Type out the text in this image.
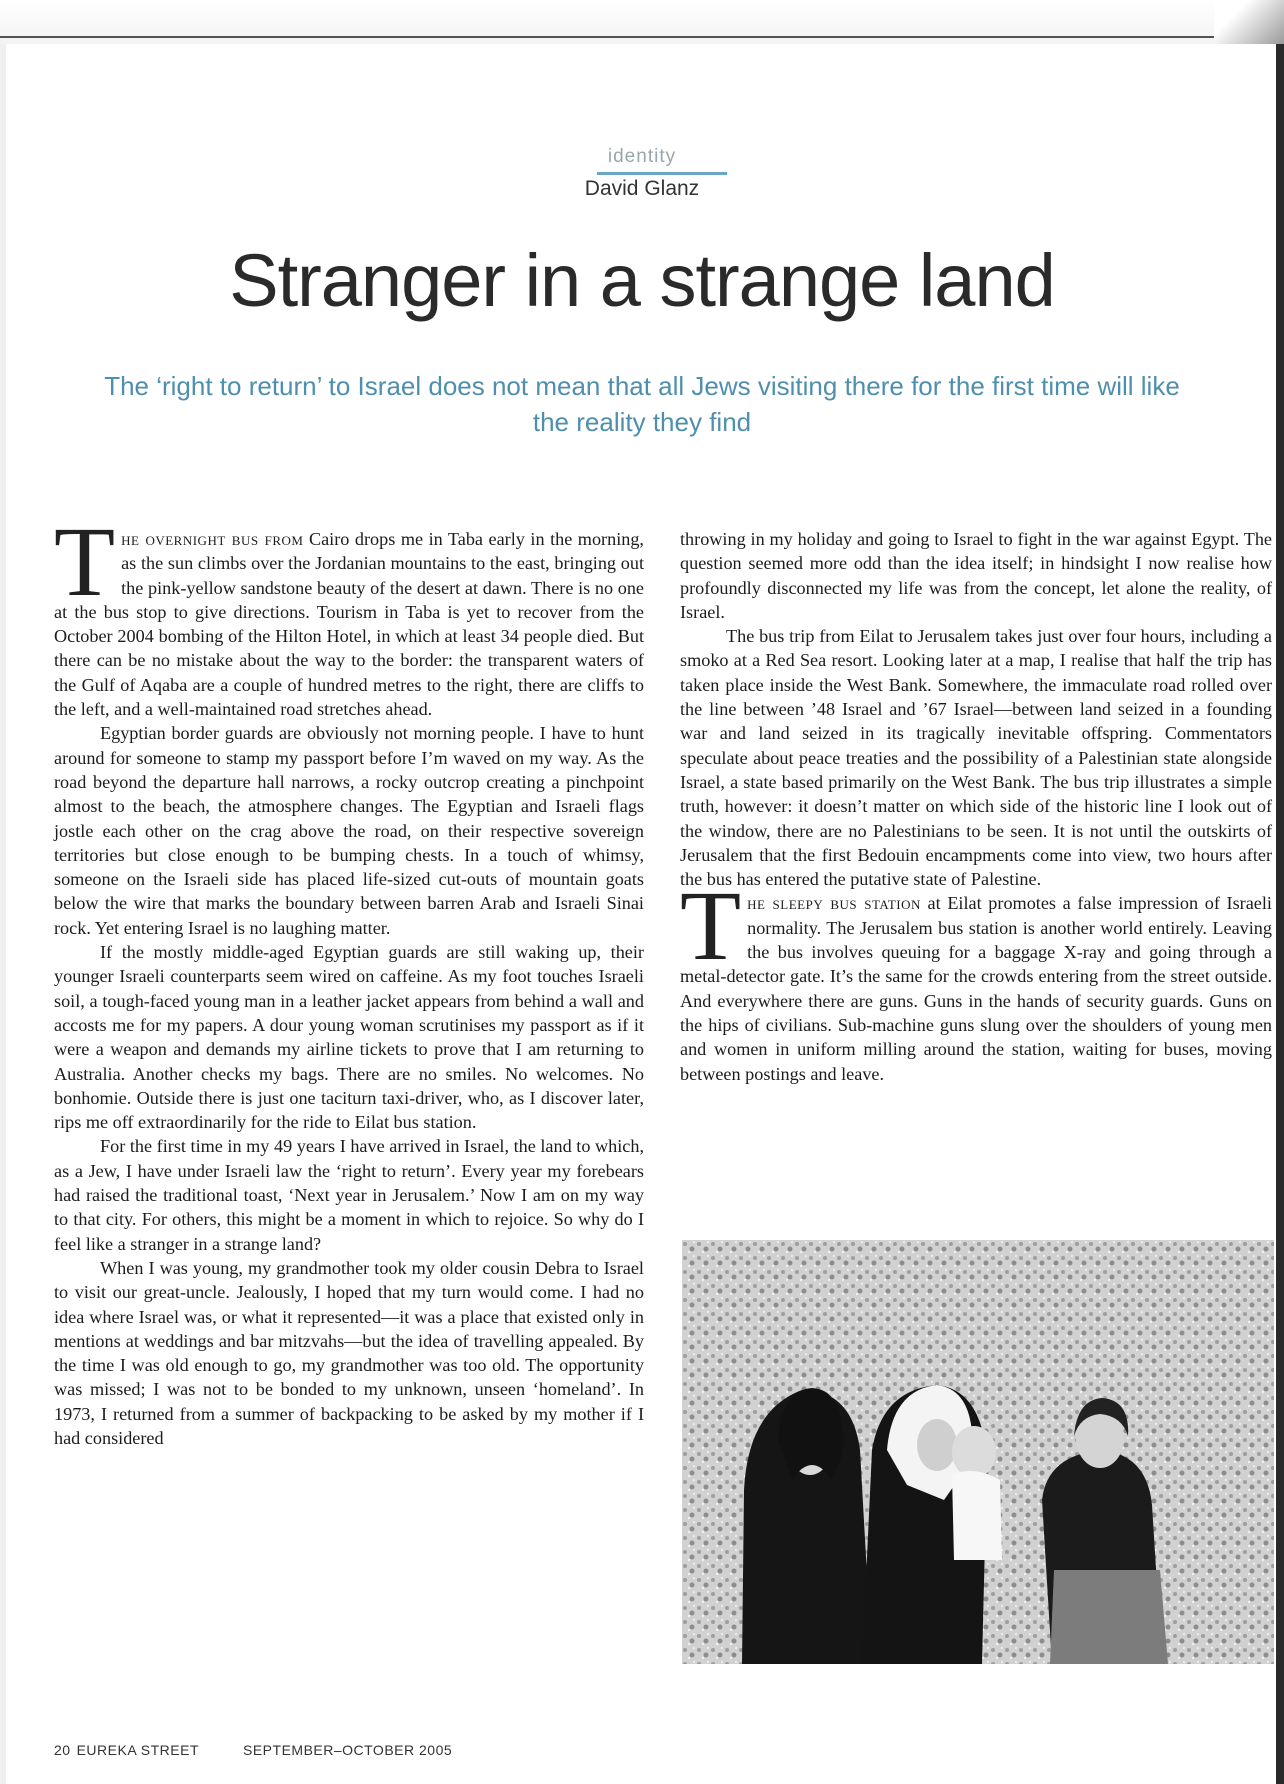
identity
David Glanz
Stranger in a strange land
The ‘right to return’ to Israel does not mean that all Jews visiting there for the first time will like the reality they find

The overnight bus from Cairo drops me in Taba early in the morning, as the sun climbs over the Jordanian mountains to the east, bringing out the pink-yellow sandstone beauty of the desert at dawn. There is no one at the bus stop to give directions. Tourism in Taba is yet to recover from the October 2004 bombing of the Hilton Hotel, in which at least 34 people died. But there can be no mistake about the way to the border: the transparent waters of the Gulf of Aqaba are a couple of hundred metres to the right, there are cliffs to the left, and a well-maintained road stretches ahead.

Egyptian border guards are obviously not morning people. I have to hunt around for someone to stamp my passport before I’m waved on my way. As the road beyond the departure hall narrows, a rocky outcrop creating a pinchpoint almost to the beach, the atmosphere changes. The Egyptian and Israeli flags jostle each other on the crag above the road, on their respective sovereign territories but close enough to be bumping chests. In a touch of whimsy, someone on the Israeli side has placed life-sized cut-outs of mountain goats below the wire that marks the boundary between barren Arab and Israeli Sinai rock. Yet entering Israel is no laughing matter.

If the mostly middle-aged Egyptian guards are still waking up, their younger Israeli counterparts seem wired on caffeine. As my foot touches Israeli soil, a tough-faced young man in a leather jacket appears from behind a wall and accosts me for my papers. A dour young woman scrutinises my passport as if it were a weapon and demands my airline tickets to prove that I am returning to Australia. Another checks my bags. There are no smiles. No welcomes. No bonhomie. Outside there is just one taciturn taxi-driver, who, as I discover later, rips me off extraordinarily for the ride to Eilat bus station.

For the first time in my 49 years I have arrived in Israel, the land to which, as a Jew, I have under Israeli law the ‘right to return’. Every year my forebears had raised the traditional toast, ‘Next year in Jerusalem.’ Now I am on my way to that city. For others, this might be a moment in which to rejoice. So why do I feel like a stranger in a strange land?

When I was young, my grandmother took my older cousin Debra to Israel to visit our great-uncle. Jealously, I hoped that my turn would come. I had no idea where Israel was, or what it represented—it was a place that existed only in mentions at weddings and bar mitzvahs—but the idea of travelling appealed. By the time I was old enough to go, my grandmother was too old. The opportunity was missed; I was not to be bonded to my unknown, unseen ‘homeland’. In 1973, I returned from a summer of backpacking to be asked by my mother if I had considered

throwing in my holiday and going to Israel to fight in the war against Egypt. The question seemed more odd than the idea itself; in hindsight I now realise how profoundly disconnected my life was from the concept, let alone the reality, of Israel.

The bus trip from Eilat to Jerusalem takes just over four hours, including a smoko at a Red Sea resort. Looking later at a map, I realise that half the trip has taken place inside the West Bank. Somewhere, the immaculate road rolled over the line between ’48 Israel and ’67 Israel—between land seized in a founding war and land seized in its tragically inevitable offspring. Commentators speculate about peace treaties and the possibility of a Palestinian state alongside Israel, a state based primarily on the West Bank. The bus trip illustrates a simple truth, however: it doesn’t matter on which side of the historic line I look out of the window, there are no Palestinians to be seen. It is not until the outskirts of Jerusalem that the first Bedouin encampments come into view, two hours after the bus has entered the putative state of Palestine.

The sleepy bus station at Eilat promotes a false impression of Israeli normality. The Jerusalem bus station is another world entirely. Leaving the bus involves queuing for a baggage X-ray and going through a metal-detector gate. It’s the same for the crowds entering from the street outside. And everywhere there are guns. Guns in the hands of security guards. Guns on the hips of civilians. Sub-machine guns slung over the shoulders of young men and women in uniform milling around the station, waiting for buses, moving between postings and leave.

20 EUREKA STREET	SEPTEMBER–OCTOBER 2005
